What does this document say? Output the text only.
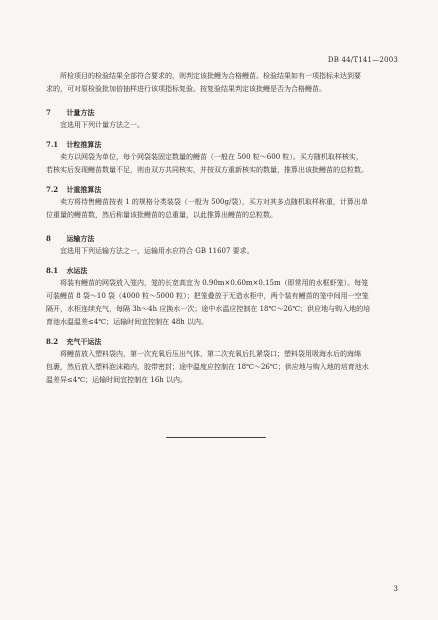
DB 44/T141—2003

所检项目的检验结果全部符合要求的，则判定该批鳗为合格鳗苗。检验结果如有一项指标未达到要

求的，可对原检验批加倍抽样进行该项指标复验。按复验结果判定该批鳗是否为合格鳗苗。

7 计量方法

宜选用下列计量方法之一。

7.1 计粒推算法

卖方以网袋为单位，每个网袋装固定数量的鳗苗（一般在 500 粒～600 粒）。买方随机取样核实，

若核实后发现鳗苗数量不足，则由双方共同核实，并按双方重新核实的数量，推算出该批鳗苗的总粒数。

7.2 计重推算法

卖方将待售鳗苗按表 1 的规格分类装袋（一般为 500g/袋），买方对其多点随机取样称重，计算出单

位重量的鳗苗数，然后称量该批鳗苗的总重量，以此推算出鳗苗的总粒数。

8 运输方法

宜选用下列运输方法之一，运输用水应符合 GB 11607 要求。

8.1 水运法

将装有鳗苗的网袋放入笼内，笼的长宽高宜为 0.90m×0.60m×0.15m（即常用的水框虾笼）。每笼

可装鳗苗 8 袋～10 袋（4000 粒～5000 粒）；把笼叠放于无造水柜中，两个装有鳗苗的笼中间用一空笼

隔开，水柜连续充气，每隔 3h～4h 应换水一次；途中水温应控制在 18℃～26℃；供应地与购入地的培

育池水温温差≤4℃；运输时间宜控制在 48h 以内。

8.2 充气干运法

将鳗苗放入塑料袋内，第一次充氧后压出气体，第二次充氧后扎紧袋口；塑料袋用吸海水后的海绵

包裹，然后放入塑料泡沫箱内，胶带密封；途中温度应控制在 18℃～26℃；供应地与购入地的培育池水

温差异≤4℃；运输时间宜控制在 16h 以内。

3
